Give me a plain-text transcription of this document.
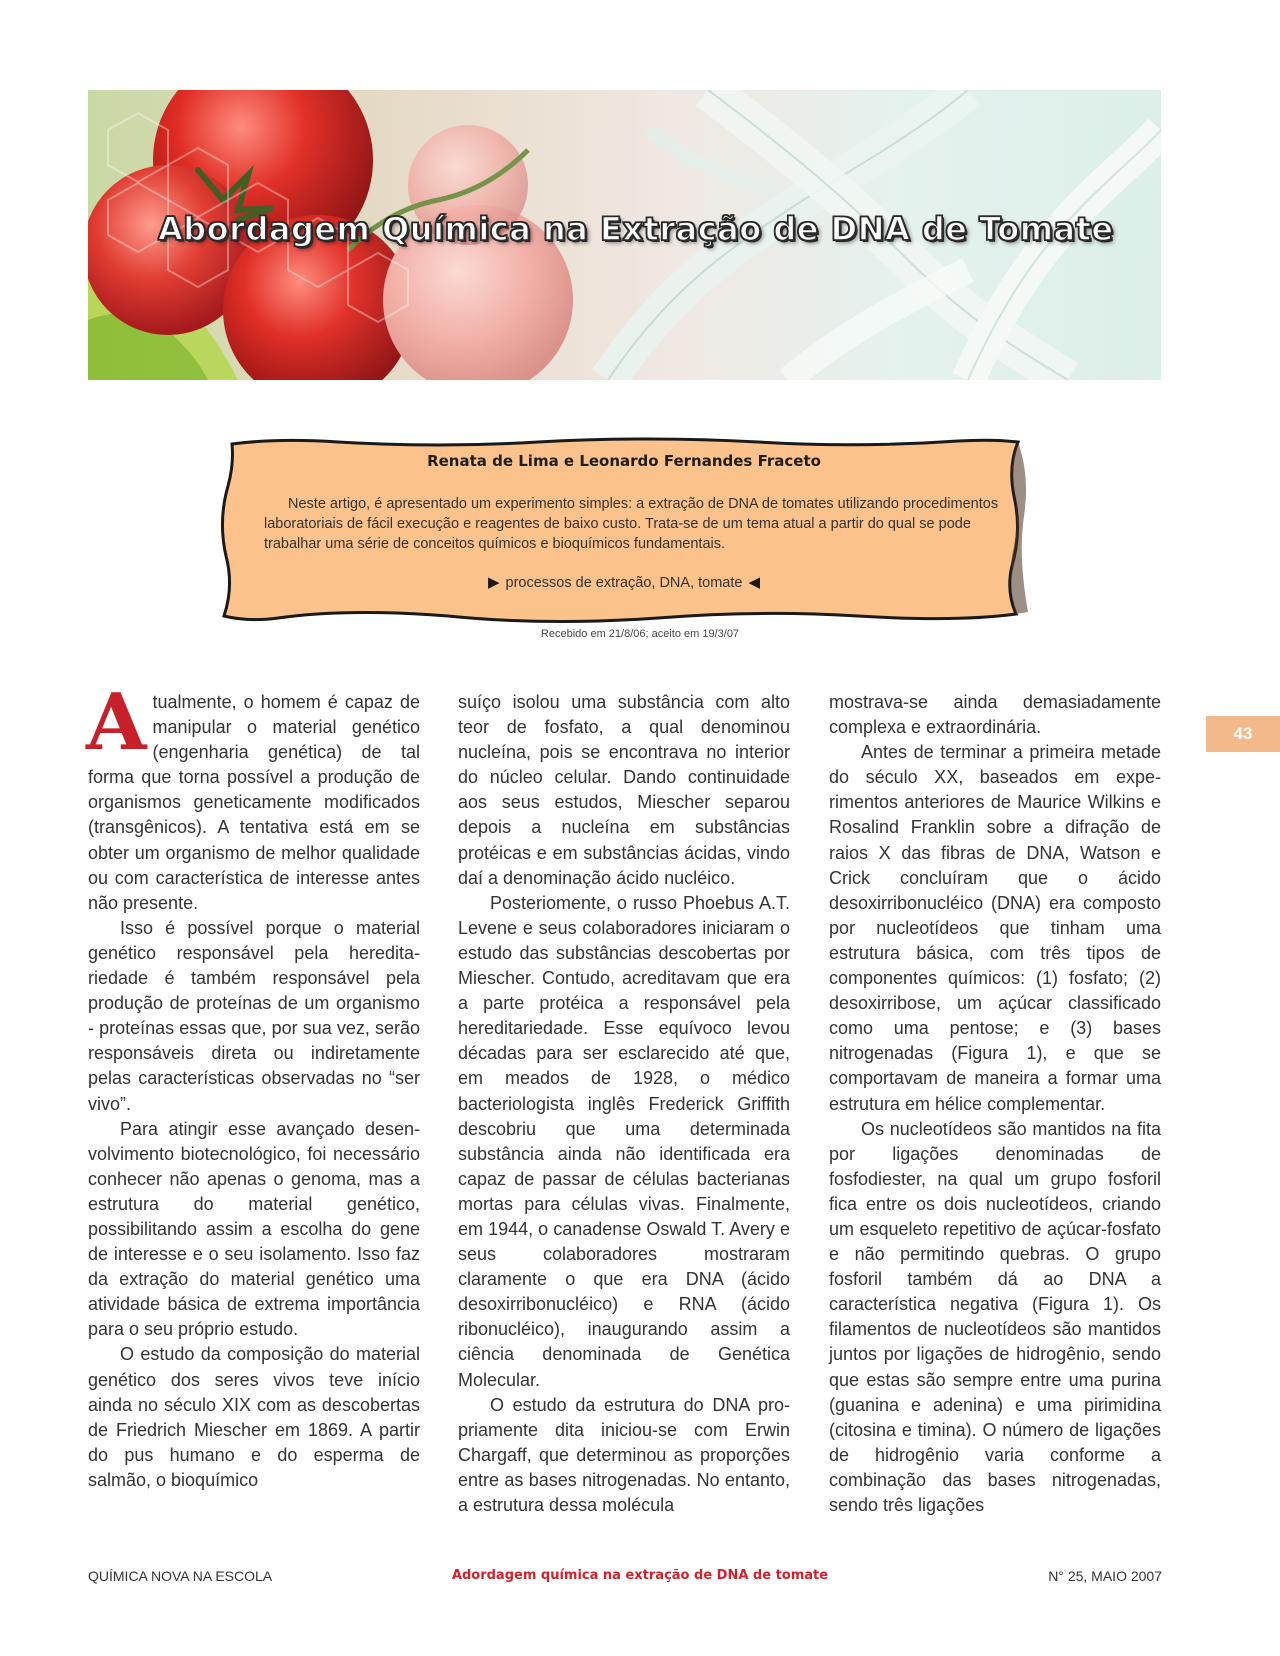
Abordagem Química na Extração de DNA de Tomate
Renata de Lima e Leonardo Fernandes Fraceto
Neste artigo, é apresentado um experimento simples: a extração de DNA de tomates utilizando procedimentos laboratoriais de fácil execução e reagentes de baixo custo. Trata-se de um tema atual a partir do qual se pode trabalhar uma série de conceitos químicos e bioquímicos fundamentais.
▶ processos de extração, DNA, tomate ◀
Recebido em 21/8/06; aceito em 19/3/07
43

Atualmente, o homem é capaz de manipular o material genético (engenharia genética) de tal forma que torna possível a produção de organismos geneticamente modificados (transgênicos). A tentativa está em se obter um organismo de melhor qualidade ou com característica de interesse antes não presente.

Isso é possível porque o material genético responsável pela hereditariedade é também responsável pela produção de proteínas de um organismo - proteínas essas que, por sua vez, serão responsáveis direta ou indiretamente pelas características observadas no “ser vivo”.

Para atingir esse avançado desenvolvimento biotecnológico, foi necessário conhecer não apenas o genoma, mas a estrutura do material genético, possibilitando assim a escolha do gene de interesse e o seu isolamento. Isso faz da extração do material genético uma atividade básica de extrema importância para o seu próprio estudo.

O estudo da composição do material genético dos seres vivos teve início ainda no século XIX com as descobertas de Friedrich Miescher em 1869. A partir do pus humano e do esperma de salmão, o bioquímico

suíço isolou uma substância com alto teor de fosfato, a qual denominou nucleína, pois se encontrava no interior do núcleo celular. Dando continuidade aos seus estudos, Miescher separou depois a nucleína em substâncias protéicas e em substâncias ácidas, vindo daí a denominação ácido nucléico.

Posteriomente, o russo Phoebus A.T. Levene e seus colaboradores iniciaram o estudo das substâncias descobertas por Miescher. Contudo, acreditavam que era a parte protéica a responsável pela hereditariedade. Esse equívoco levou décadas para ser esclarecido até que, em meados de 1928, o médico bacteriologista inglês Frederick Griffith descobriu que uma determinada substância ainda não identificada era capaz de passar de células bacterianas mortas para células vivas. Finalmente, em 1944, o canadense Oswald T. Avery e seus colaboradores mostraram claramente o que era DNA (ácido desoxirribonucléico) e RNA (ácido ribonucléico), inaugurando assim a ciência denominada de Genética Molecular.

O estudo da estrutura do DNA propriamente dita iniciou-se com Erwin Chargaff, que determinou as proporções entre as bases nitrogenadas. No entanto, a estrutura dessa molécula

mostrava-se ainda demasiadamente complexa e extraordinária.

Antes de terminar a primeira metade do século XX, baseados em experimentos anteriores de Maurice Wilkins e Rosalind Franklin sobre a difração de raios X das fibras de DNA, Watson e Crick concluíram que o ácido desoxirribonucléico (DNA) era composto por nucleotídeos que tinham uma estrutura básica, com três tipos de componentes químicos: (1) fosfato; (2) desoxirribose, um açúcar classificado como uma pentose; e (3) bases nitrogenadas (Figura 1), e que se comportavam de maneira a formar uma estrutura em hélice complementar.

Os nucleotídeos são mantidos na fita por ligações denominadas de fosfodiester, na qual um grupo fosforil fica entre os dois nucleotídeos, criando um esqueleto repetitivo de açúcar-fosfato e não permitindo quebras. O grupo fosforil também dá ao DNA a característica negativa (Figura 1). Os filamentos de nucleotídeos são mantidos juntos por ligações de hidrogênio, sendo que estas são sempre entre uma purina (guanina e adenina) e uma pirimidina (citosina e timina). O número de ligações de hidrogênio varia conforme a combinação das bases nitrogenadas, sendo três ligações

QUÍMICA NOVA NA ESCOLA	Adordagem química na extração de DNA de tomate	N° 25, MAIO 2007
